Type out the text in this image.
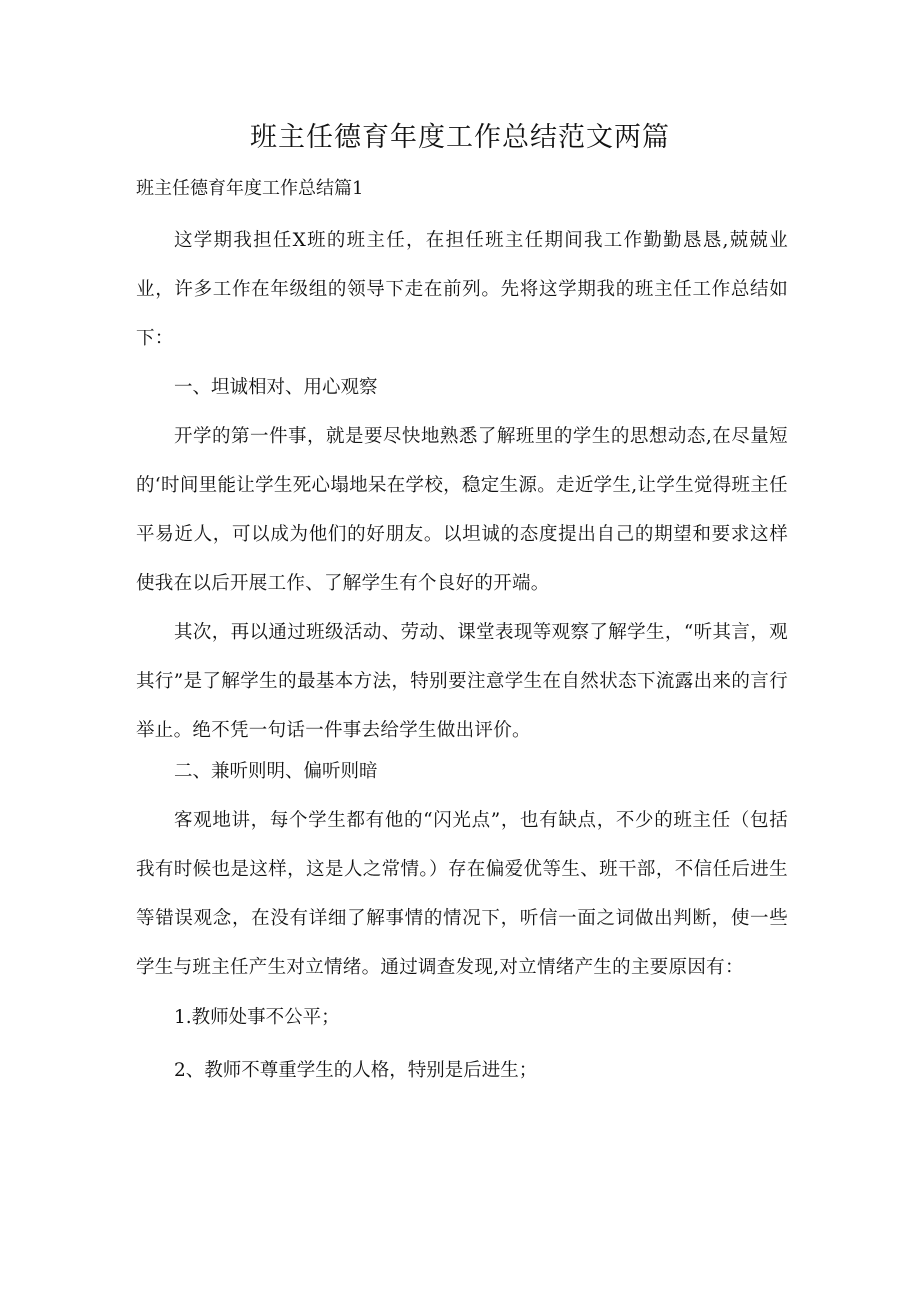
班主任德育年度工作总结范文两篇

班主任德育年度工作总结篇1

这学期我担任X班的班主任，在担任班主任期间我工作勤勤恳恳,兢兢业业，许多工作在年级组的领导下走在前列。先将这学期我的班主任工作总结如下：

一、坦诚相对、用心观察

开学的第一件事，就是要尽快地熟悉了解班里的学生的思想动态,在尽量短的‘时间里能让学生死心塌地呆在学校，稳定生源。走近学生,让学生觉得班主任平易近人，可以成为他们的好朋友。以坦诚的态度提出自己的期望和要求这样使我在以后开展工作、了解学生有个良好的开端。

其次，再以通过班级活动、劳动、课堂表现等观察了解学生，“听其言，观其行”是了解学生的最基本方法，特别要注意学生在自然状态下流露出来的言行举止。绝不凭一句话一件事去给学生做出评价。

二、兼听则明、偏听则暗

客观地讲，每个学生都有他的“闪光点”，也有缺点，不少的班主任（包括我有时候也是这样，这是人之常情。）存在偏爱优等生、班干部，不信任后进生等错误观念，在没有详细了解事情的情况下，听信一面之词做出判断，使一些学生与班主任产生对立情绪。通过调查发现,对立情绪产生的主要原因有：

1.教师处事不公平；

2、教师不尊重学生的人格，特别是后进生；
